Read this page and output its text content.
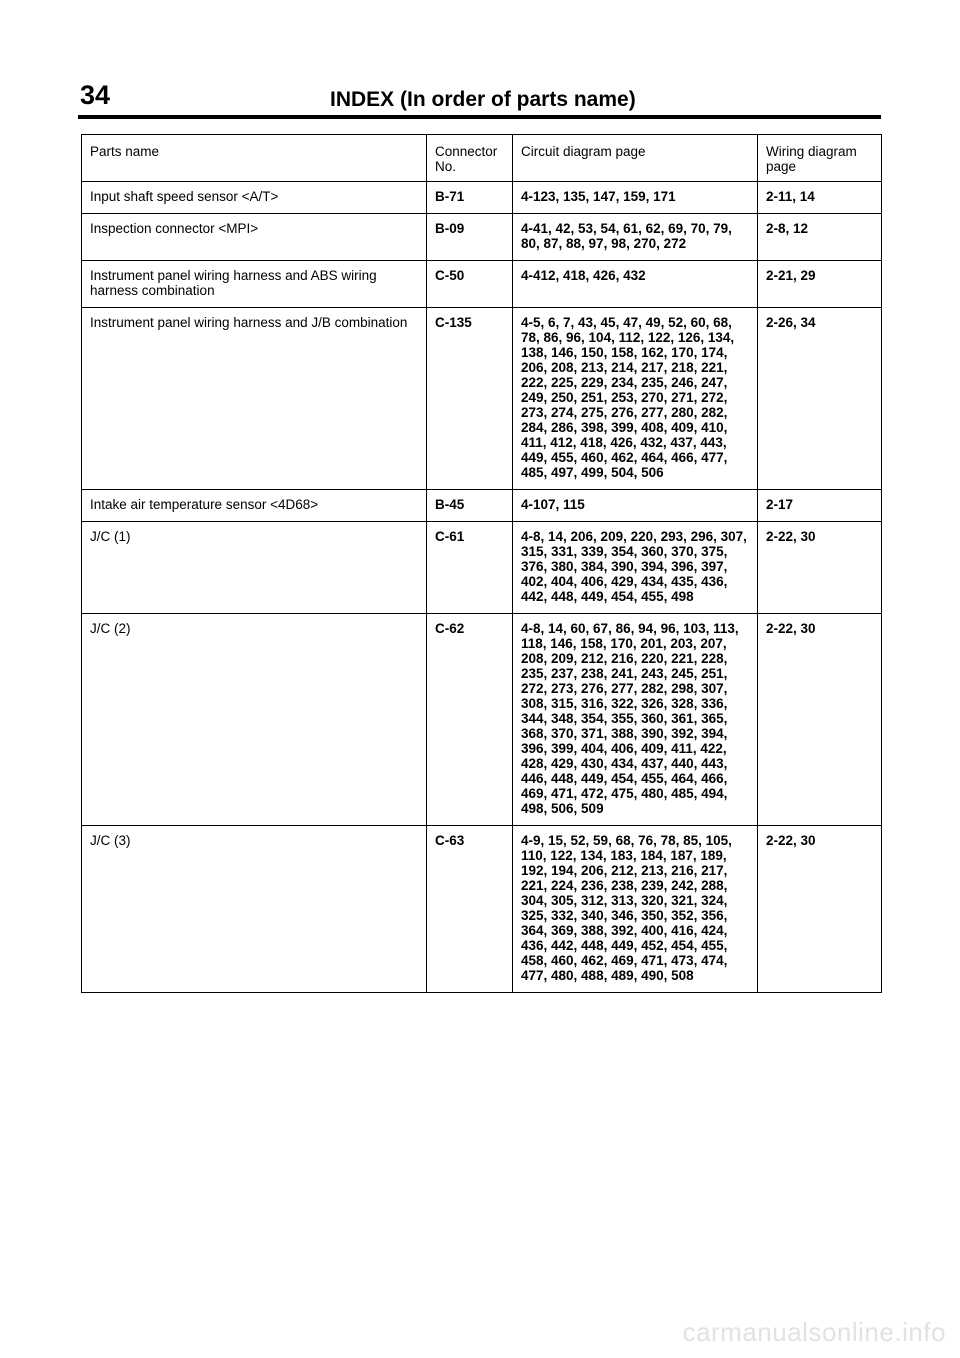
34	INDEX (In order of parts name)
Parts name	Connector No.	Circuit diagram page	Wiring diagram page
Input shaft speed sensor <A/T>	B-71	4-123, 135, 147, 159, 171	2-11, 14
Inspection connector <MPI>	B-09	4-41, 42, 53, 54, 61, 62, 69, 70, 79, 80, 87, 88, 97, 98, 270, 272	2-8, 12
Instrument panel wiring harness and ABS wiring harness combination	C-50	4-412, 418, 426, 432	2-21, 29
Instrument panel wiring harness and J/B combination	C-135	4-5, 6, 7, 43, 45, 47, 49, 52, 60, 68, 78, 86, 96, 104, 112, 122, 126, 134, 138, 146, 150, 158, 162, 170, 174, 206, 208, 213, 214, 217, 218, 221, 222, 225, 229, 234, 235, 246, 247, 249, 250, 251, 253, 270, 271, 272, 273, 274, 275, 276, 277, 280, 282, 284, 286, 398, 399, 408, 409, 410, 411, 412, 418, 426, 432, 437, 443, 449, 455, 460, 462, 464, 466, 477, 485, 497, 499, 504, 506	2-26, 34
Intake air temperature sensor <4D68>	B-45	4-107, 115	2-17
J/C (1)	C-61	4-8, 14, 206, 209, 220, 293, 296, 307, 315, 331, 339, 354, 360, 370, 375, 376, 380, 384, 390, 394, 396, 397, 402, 404, 406, 429, 434, 435, 436, 442, 448, 449, 454, 455, 498	2-22, 30
J/C (2)	C-62	4-8, 14, 60, 67, 86, 94, 96, 103, 113, 118, 146, 158, 170, 201, 203, 207, 208, 209, 212, 216, 220, 221, 228, 235, 237, 238, 241, 243, 245, 251, 272, 273, 276, 277, 282, 298, 307, 308, 315, 316, 322, 326, 328, 336, 344, 348, 354, 355, 360, 361, 365, 368, 370, 371, 388, 390, 392, 394, 396, 399, 404, 406, 409, 411, 422, 428, 429, 430, 434, 437, 440, 443, 446, 448, 449, 454, 455, 464, 466, 469, 471, 472, 475, 480, 485, 494, 498, 506, 509	2-22, 30
J/C (3)	C-63	4-9, 15, 52, 59, 68, 76, 78, 85, 105, 110, 122, 134, 183, 184, 187, 189, 192, 194, 206, 212, 213, 216, 217, 221, 224, 236, 238, 239, 242, 288, 304, 305, 312, 313, 320, 321, 324, 325, 332, 340, 346, 350, 352, 356, 364, 369, 388, 392, 400, 416, 424, 436, 442, 448, 449, 452, 454, 455, 458, 460, 462, 469, 471, 473, 474, 477, 480, 488, 489, 490, 508	2-22, 30
carmanualsonline.info
